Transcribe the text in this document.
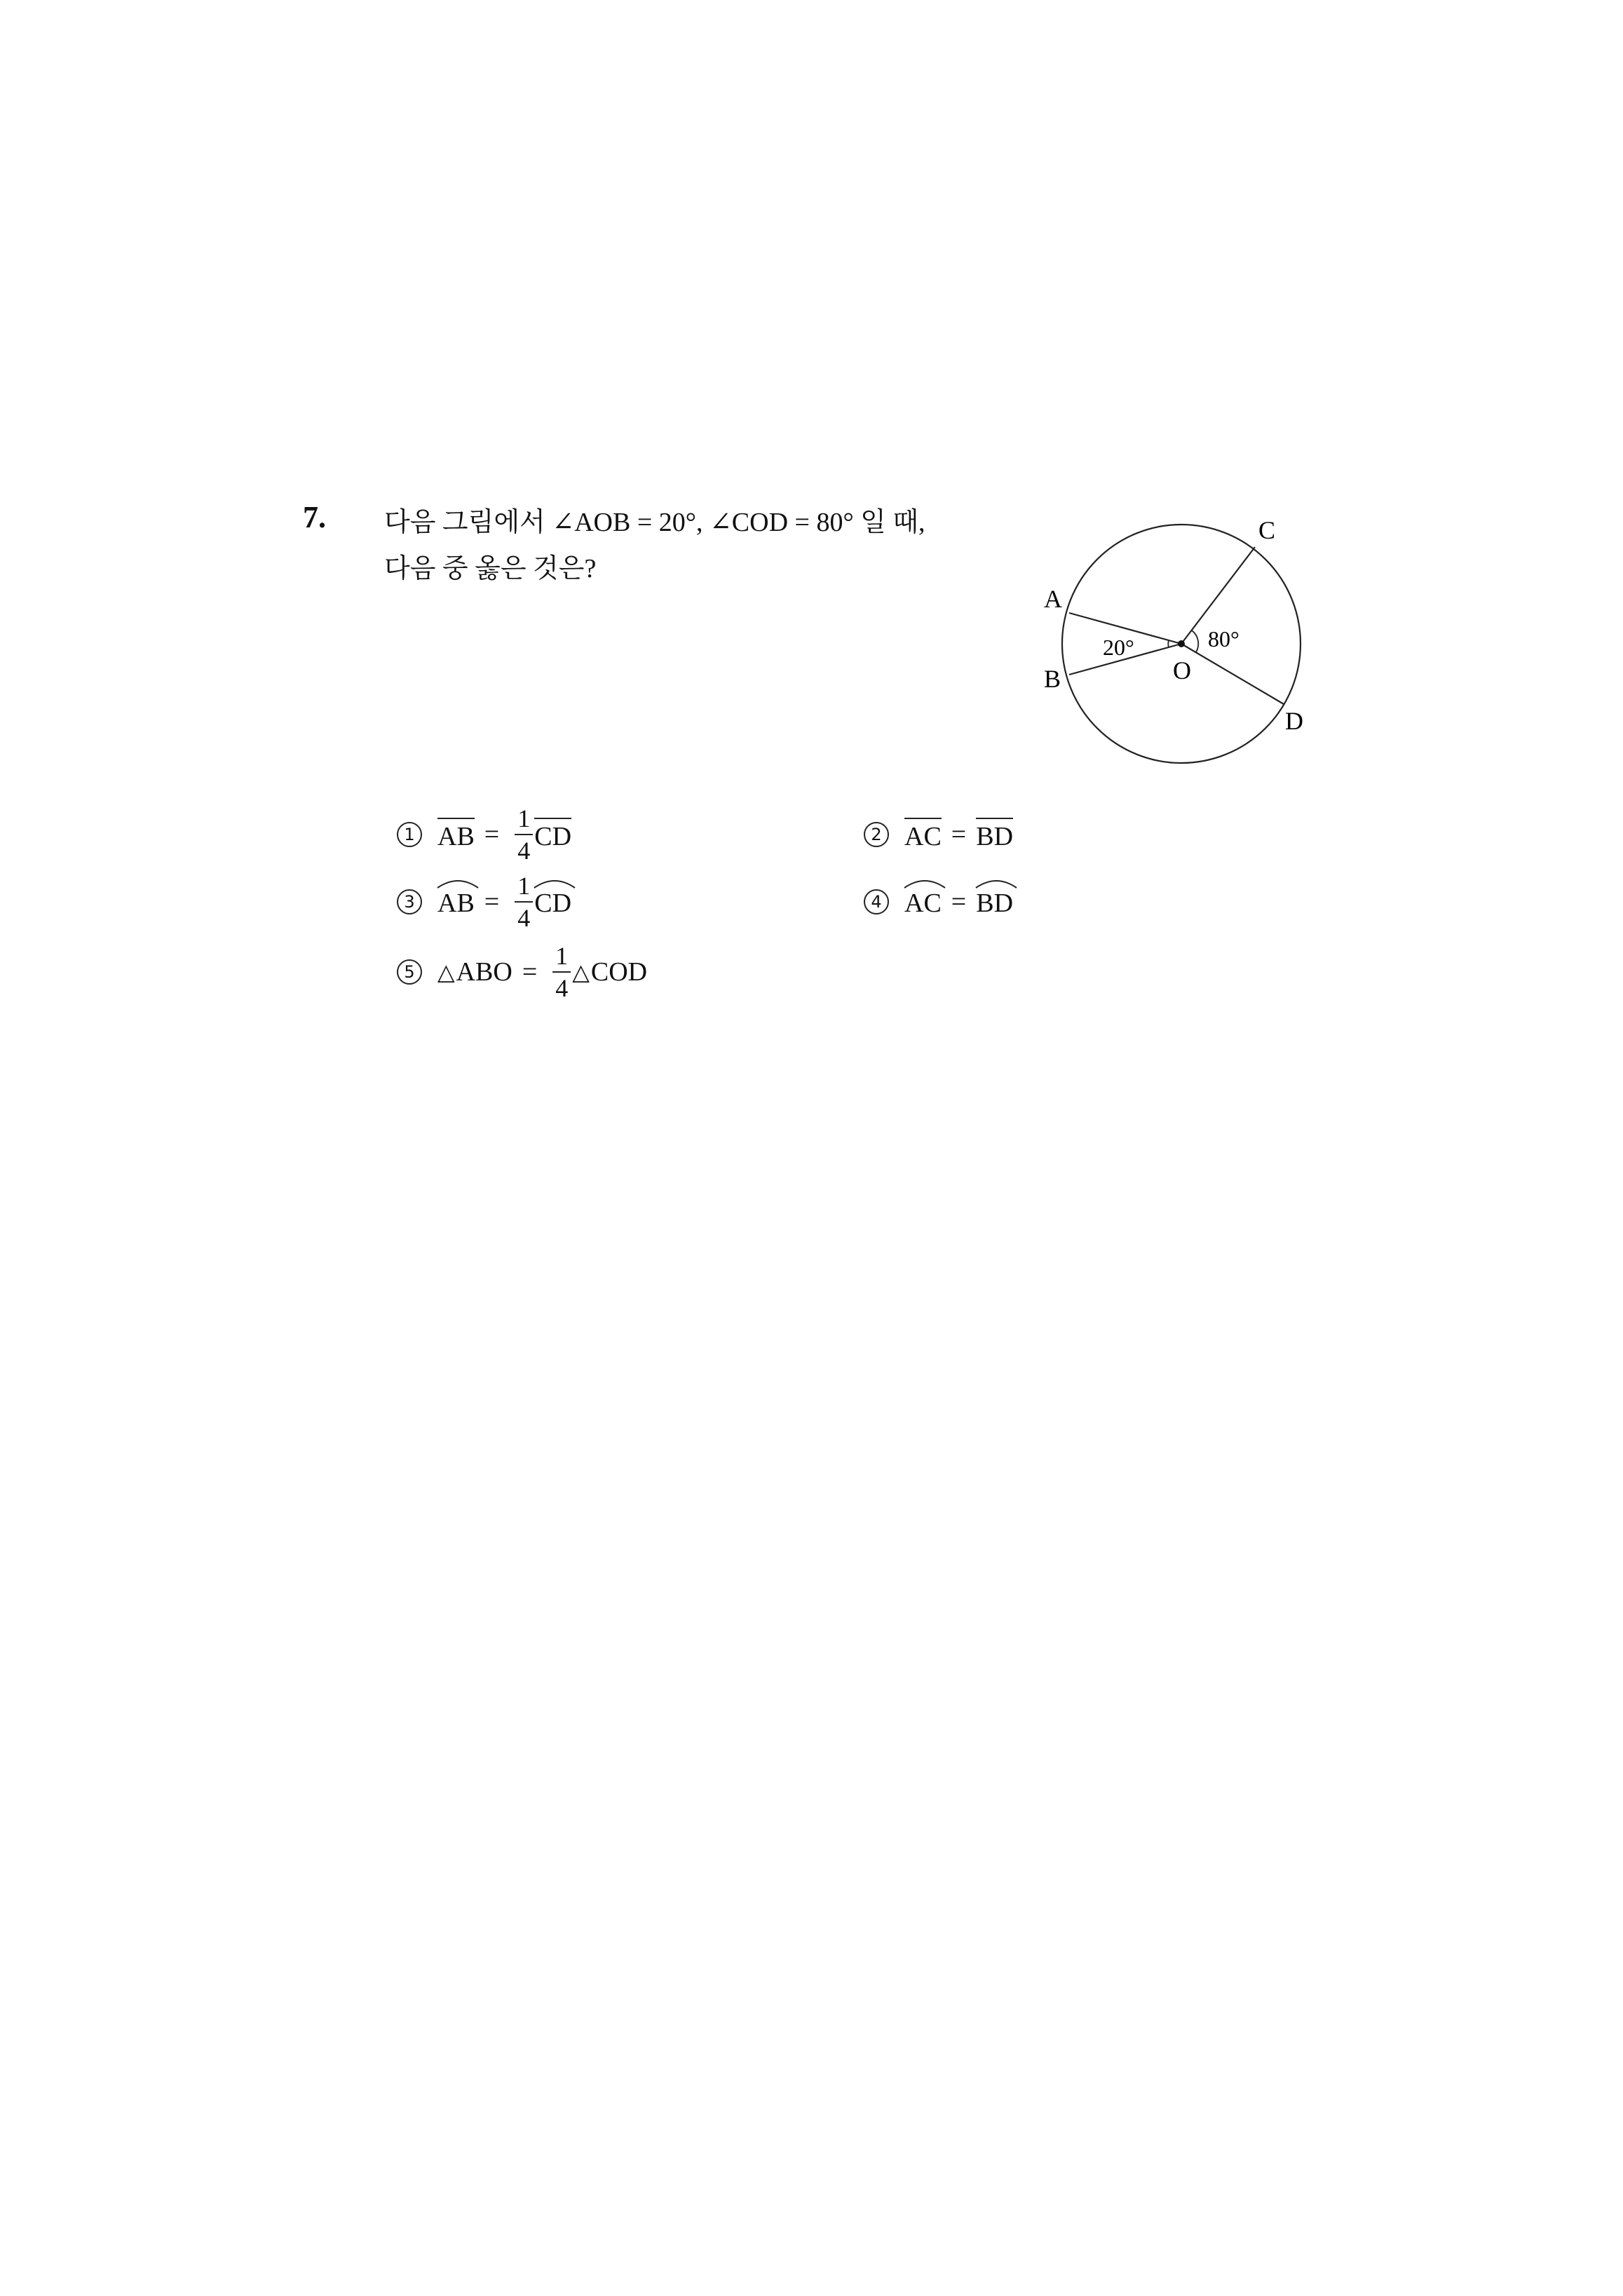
7. 다음 그림에서 ∠AOB = 20°, ∠COD = 80° 일 때,
다음 중 옳은 것은?
A
B
C
D
O
20°	80°
1 AB = $\frac{1}{4}$ CD	2 AC = BD
3 AB = $\frac{1}{4}$ CD	4 AC = BD
5	△ ABO = $\frac{1}{4}$ △ COD
